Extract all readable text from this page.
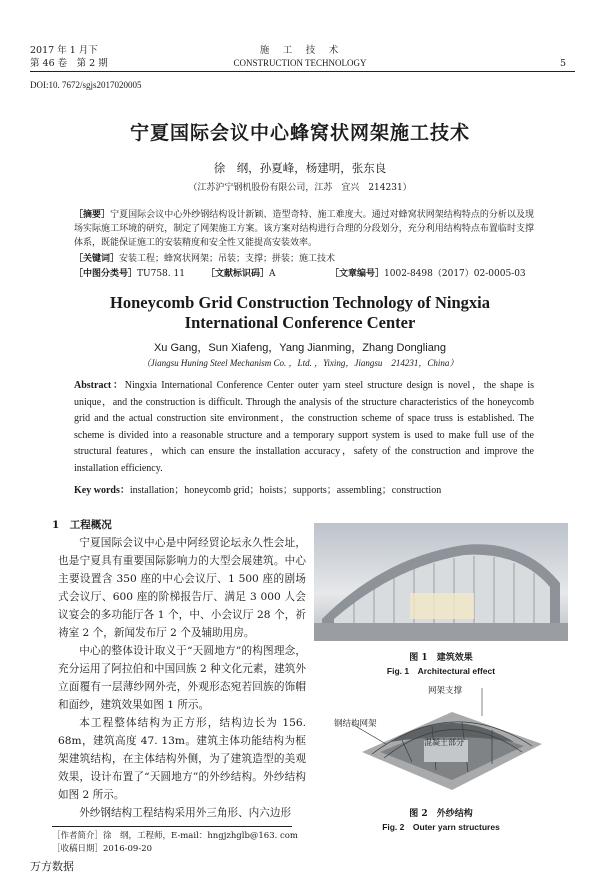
2017 年 1 月下
第 46 卷　第 2 期
施　工　技　术
CONSTRUCTION TECHNOLOGY	5
DOI:10. 7672/sgjs2017020005
宁夏国际会议中心蜂窝状网架施工技术
徐　纲，孙夏峰，杨建明，张东良
（江苏沪宁钢机股份有限公司，江苏　宜兴　214231）
［摘要］宁夏国际会议中心外纱钢结构设计新颖、造型奇特、施工难度大。通过对蜂窝状网架结构特点的分析以及现场实际施工环境的研究，制定了网架施工方案。该方案对结构进行合理的分段划分，充分利用结构特点布置临时支撑体系，既能保证施工的安装精度和安全性又能提高安装效率。
［关键词］安装工程；蜂窝状网架；吊装；支撑；拼装；施工技术
［中图分类号］TU758. 11 ［文献标识码］A	［文章编号］1002-8498（2017）02-0005-03
Honeycomb Grid Construction Technology of Ningxia
International Conference Center
Xu Gang，Sun Xiafeng，Yang Jianming，Zhang Dongliang
（Jiangsu Huning Steel Mechanism Co. ，Ltd. ，Yixing，Jiangsu　214231，China）
Abstract：Ningxia International Conference Center outer yarn steel structure design is novel，the shape is unique，and the construction is difficult. Through the analysis of the structure characteristics of the honeycomb grid and the actual construction site environment，the construction scheme of space truss is established. The scheme is divided into a reasonable structure and a temporary support system is used to make full use of the structural features，which can ensure the installation accuracy，safety of the construction and improve the installation efficiency.
Key words：installation；honeycomb grid；hoists；supports；assembling；construction
1　工程概况

宁夏国际会议中心是中阿经贸论坛永久性会址，也是宁夏具有重要国际影响力的大型会展建筑。中心主要设置含 350 座的中心会议厅、1 500 座的剧场式会议厅、600 座的阶梯报告厅、满足 3 000 人会议宴会的多功能厅各 1 个，中、小会议厅 28 个，祈祷室 2 个，新闻发布厅 2 个及辅助用房。

中心的整体设计取义于“天圆地方”的构图理念，充分运用了阿拉伯和中国回族 2 种文化元素，建筑外立面覆有一层薄纱网外壳，外观形态宛若回族的饰帽和面纱，建筑效果如图 1 所示。

本工程整体结构为正方形，结构边长为 156. 68m，建筑高度 47. 13m。建筑主体功能结构为框架建筑结构，在主体结构外侧，为了建筑造型的美观效果，设计布置了“天圆地方”的外纱结构。外纱结构如图 2 所示。

外纱钢结构工程结构采用外三角形、内六边形

图 1　建筑效果
Fig. 1　Architectural effect
网架支撑
钢结构网架
混凝土部分
图 2　外纱结构
Fig. 2　Outer yarn structures
［作者简介］徐　纲，工程师，E-mail：hngjzhglb@163. com
［收稿日期］2016-09-20
万方数据
